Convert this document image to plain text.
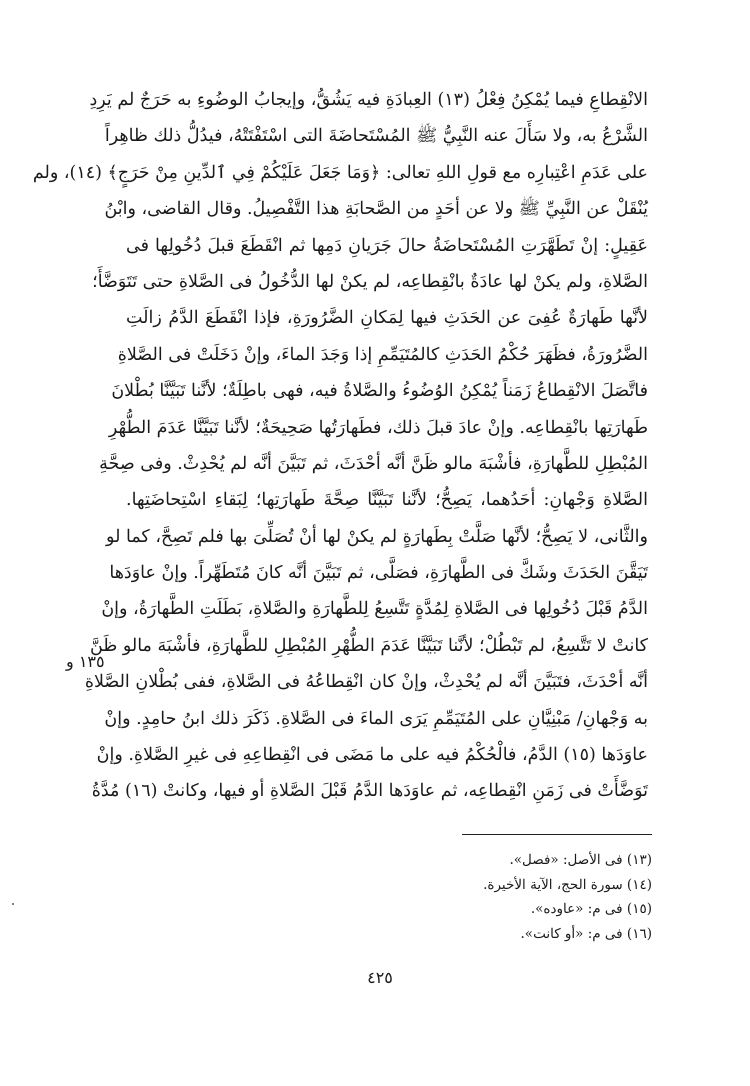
الانْقِطاعِ فيما يُمْكِنُ فِعْلُ (١٣) العِبادَةِ فيه يَشُقُّ، وإيجابُ الوضُوءِ به حَرَجٌ لم يَرِدِ
الشَّرْعُ به، ولا سَأَلَ عنه النَّبِيُّ ﷺ المُسْتَحاضَةَ التى اسْتَفْتَتْهُ، فيدُلُّ ذلك ظاهِراً
على عَدَمِ اعْتِبارِه مع قولِ اللهِ تعالى: ﴿وَمَا جَعَلَ عَلَيْكُمْ فِي ٱلدِّينِ مِنْ حَرَجٍ﴾ (١٤)، ولم
يُنْقَلْ عن النَّبِيِّ ﷺ ولا عن أحَدٍ من الصَّحابَةِ هذا التَّفْصِيلُ. وقال القاضى، وابْنُ
عَقِيلٍ: إنْ تَطَهَّرَتِ المُسْتَحاضَةُ حالَ جَرَيانِ دَمِها ثم انْقَطَعَ قبلَ دُخُولِها فى
الصَّلاةِ، ولم يكنْ لها عادَةٌ بانْقِطاعِه، لم يكنْ لها الدُّخُولُ فى الصَّلاةِ حتى تَتَوَضَّأَ؛
لأنَّها طَهارَةٌ عُفِىَ عن الحَدَثِ فيها لِمَكانِ الضَّرُورَةِ، فإذا انْقَطَعَ الدَّمُ زالَتِ
الضَّرُورَةُ، فظَهَرَ حُكْمُ الحَدَثِ كالمُتَيَمِّمِ إذا وَجَدَ الماءَ، وإنْ دَخَلَتْ فى الصَّلاةِ
فاتَّصَلَ الانْقِطاعُ زَمَناً يُمْكِنُ الوُضُوءُ والصَّلاةُ فيه، فهى باطِلَةٌ؛ لأنَّنا تَبَيَّنَّا بُطْلانَ
طَهارَتِها بانْقِطاعِه. وإنْ عادَ قبلَ ذلك، فطَهارَتُها صَحِيحَةٌ؛ لأنَّنا تَبَيَّنَّا عَدَمَ الطُّهْرِ
المُبْطِلِ للطَّهارَةِ، فأشْبَهَ مالو ظَنَّ أنَّه أحْدَثَ، ثم تَبَيَّنَ أنَّه لم يُحْدِثْ. وفى صِحَّةِ
الصَّلاةِ وَجْهانِ: أحَدُهما، يَصِحُّ؛ لأنَّنا تَبَيَّنَّا صِحَّةَ طَهارَتِها؛ لِبَقاءِ اسْتِحاضَتِها.
والثَّانى، لا يَصِحُّ؛ لأنَّها صَلَّتْ بِطَهارَةٍ لم يكنْ لها أنْ تُصَلِّىَ بها فلم تَصِحَّ، كما لو
تَيَقَّنَ الحَدَثَ وشَكَّ فى الطَّهارَةِ، فصَلَّى، ثم تَبَيَّنَ أنَّه كانَ مُتَطَهِّراً. وإنْ عاوَدَها
الدَّمُ قَبْلَ دُخُولِها فى الصَّلاةِ لِمُدَّةٍ تَتَّسِعُ لِلطَّهارَةِ والصَّلاةِ، بَطَلَتِ الطَّهارَةُ، وإنْ
كانتْ لا تَتَّسِعُ، لم تَبْطُلْ؛ لأنَّنا تَبَيَّنَّا عَدَمَ الطُّهْرِ المُبْطِلِ للطَّهارَةِ، فأشْبَهَ مالو ظَنَّ
أنَّه أحْدَثَ، فتَبَيَّنَ أنَّه لم يُحْدِثْ، وإنْ كان انْقِطاعُهُ فى الصَّلاةِ، ففى بُطْلانِ الصَّلاةِ
به وَجْهانِ/ مَبْنِيَّانِ على المُتَيَمِّمِ يَرَى الماءَ فى الصَّلاةِ. ذَكَرَ ذلك ابنُ حامِدٍ. وإنْ
عاوَدَها (١٥) الدَّمُ، فالْحُكْمُ فيه على ما مَضَى فى انْقِطاعِهِ فى غيرِ الصَّلاةِ. وإنْ
تَوَضَّأَتْ فى زَمَنِ انْقِطاعِه، ثم عاوَدَها الدَّمُ قَبْلَ الصَّلاةِ أو فيها، وكانتْ (١٦) مُدَّةُ
١٣٥ و
(١٣) فى الأصل: «فصل».
(١٤) سورة الحج، الآية الأخيرة.
(١٥) فى م: «عاوده».
(١٦) فى م: «أو كانت».
٤٢٥
